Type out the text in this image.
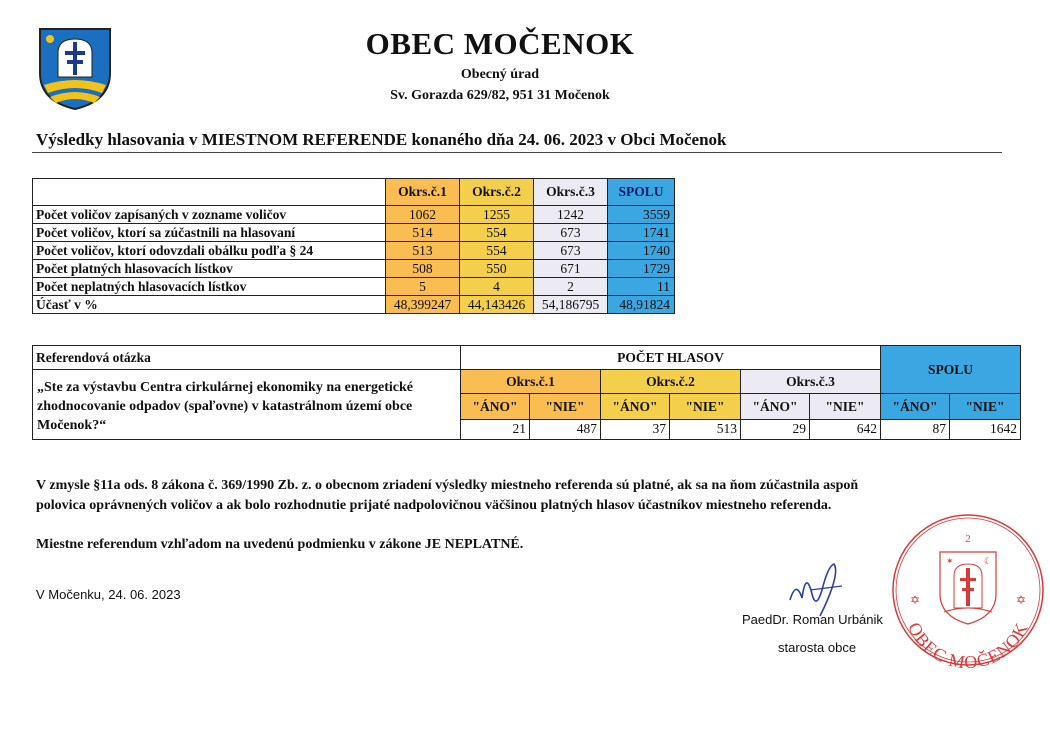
OBEC MOČENOK
Obecný úrad
Sv. Gorazda 629/82, 951 31 Močenok
Výsledky hlasovania v MIESTNOM REFERENDE konaného dňa 24. 06. 2023 v Obci Močenok
	Okrs.č.1	Okrs.č.2	Okrs.č.3	SPOLU
Počet voličov zapísaných v zozname voličov	1062	1255	1242	3559
Počet voličov, ktorí sa zúčastnili na hlasovaní	514	554	673	1741
Počet voličov, ktorí odovzdali obálku podľa § 24	513	554	673	1740
Počet platných hlasovacích lístkov	508	550	671	1729
Počet neplatných hlasovacích lístkov	5	4	2	11
Účasť v %	48,399247	44,143426	54,186795	48,91824
Referendová otázka	POČET HLASOV						SPOLU	
„Ste za výstavbu Centra cirkulárnej ekonomiky na energetické zhodnocovanie odpadov (spaľovne) v katastrálnom území obce Močenok?“	Okrs.č.1		Okrs.č.2		Okrs.č.3			
	"ÁNO"	"NIE"	"ÁNO"	"NIE"	"ÁNO"	"NIE"	"ÁNO"	"NIE"
	21	487	37	513	29	642	87	1642
V zmysle §11a ods. 8 zákona č. 369/1990 Zb. z. o obecnom zriadení výsledky miestneho referenda sú platné, ak sa na ňom zúčastnila aspoň
polovica oprávnených voličov a ak bolo rozhodnutie prijaté nadpolovičnou väčšinou platných hlasov účastníkov miestneho referenda.
Miestne referendum vzhľadom na uvedenú podmienku v zákone JE NEPLATNÉ.
V Močenku, 24. 06. 2023
PaedDr. Roman Urbánik
starosta obce
2
✡	✡
✶	☾
OBEC MOČENOK
